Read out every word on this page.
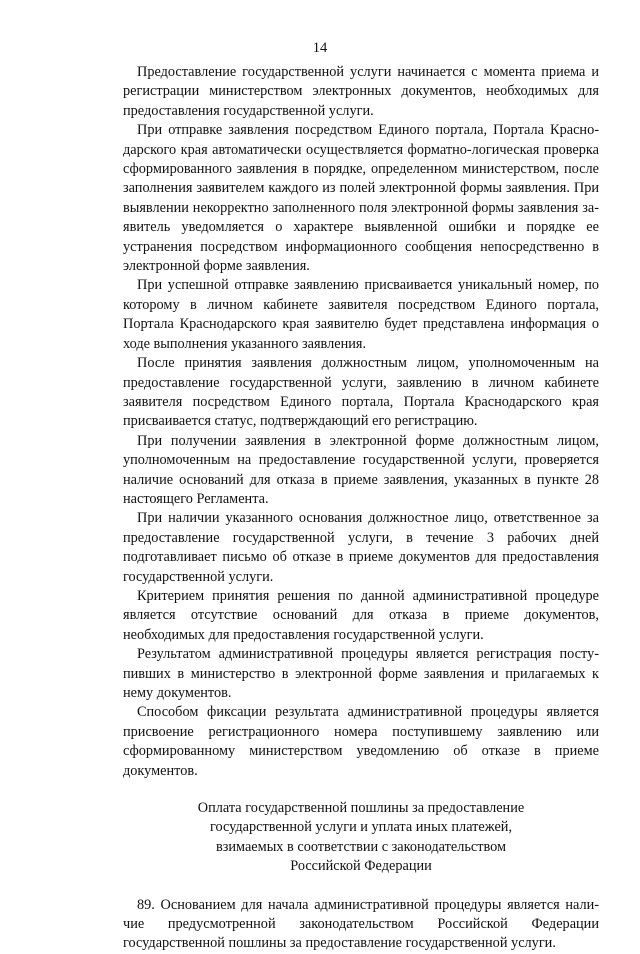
14

Предоставление государственной услуги начинается с момента приема и регистрации министерством электронных документов, необходимых для предоставления государственной услуги.

При отправке заявления посредством Единого портала, Портала Краснодарского края автоматически осуществляется форматно-логическая проверка сформированного заявления в порядке, определенном министерством, после заполнения заявителем каждого из полей электронной формы заявления. При выявлении некорректно заполненного поля электронной формы заявления заявитель уведомляется о характере выявленной ошибки и порядке ее устранения посредством информационного сообщения непосредственно в электронной форме заявления.

При успешной отправке заявлению присваивается уникальный номер, по которому в личном кабинете заявителя посредством Единого портала, Портала Краснодарского края заявителю будет представлена информация о ходе выполнения указанного заявления.

После принятия заявления должностным лицом, уполномоченным на предоставление государственной услуги, заявлению в личном кабинете заявителя посредством Единого портала, Портала Краснодарского края присваивается статус, подтверждающий его регистрацию.

При получении заявления в электронной форме должностным лицом, уполномоченным на предоставление государственной услуги, проверяется наличие оснований для отказа в приеме заявления, указанных в пункте 28 настоящего Регламента.

При наличии указанного основания должностное лицо, ответственное за предоставление государственной услуги, в течение 3 рабочих дней подготавливает письмо об отказе в приеме документов для предоставления государственной услуги.

Критерием принятия решения по данной административной процедуре является отсутствие оснований для отказа в приеме документов, необходимых для предоставления государственной услуги.

Результатом административной процедуры является регистрация поступивших в министерство в электронной форме заявления и прилагаемых к нему документов.

Способом фиксации результата административной процедуры является присвоение регистрационного номера поступившему заявлению или сформированному министерством уведомлению об отказе в приеме документов.

Оплата государственной пошлины за предоставление

государственной услуги и уплата иных платежей,

взимаемых в соответствии с законодательством

Российской Федерации

89. Основанием для начала административной процедуры является наличие предусмотренной законодательством Российской Федерации государственной пошлины за предоставление государственной услуги.
